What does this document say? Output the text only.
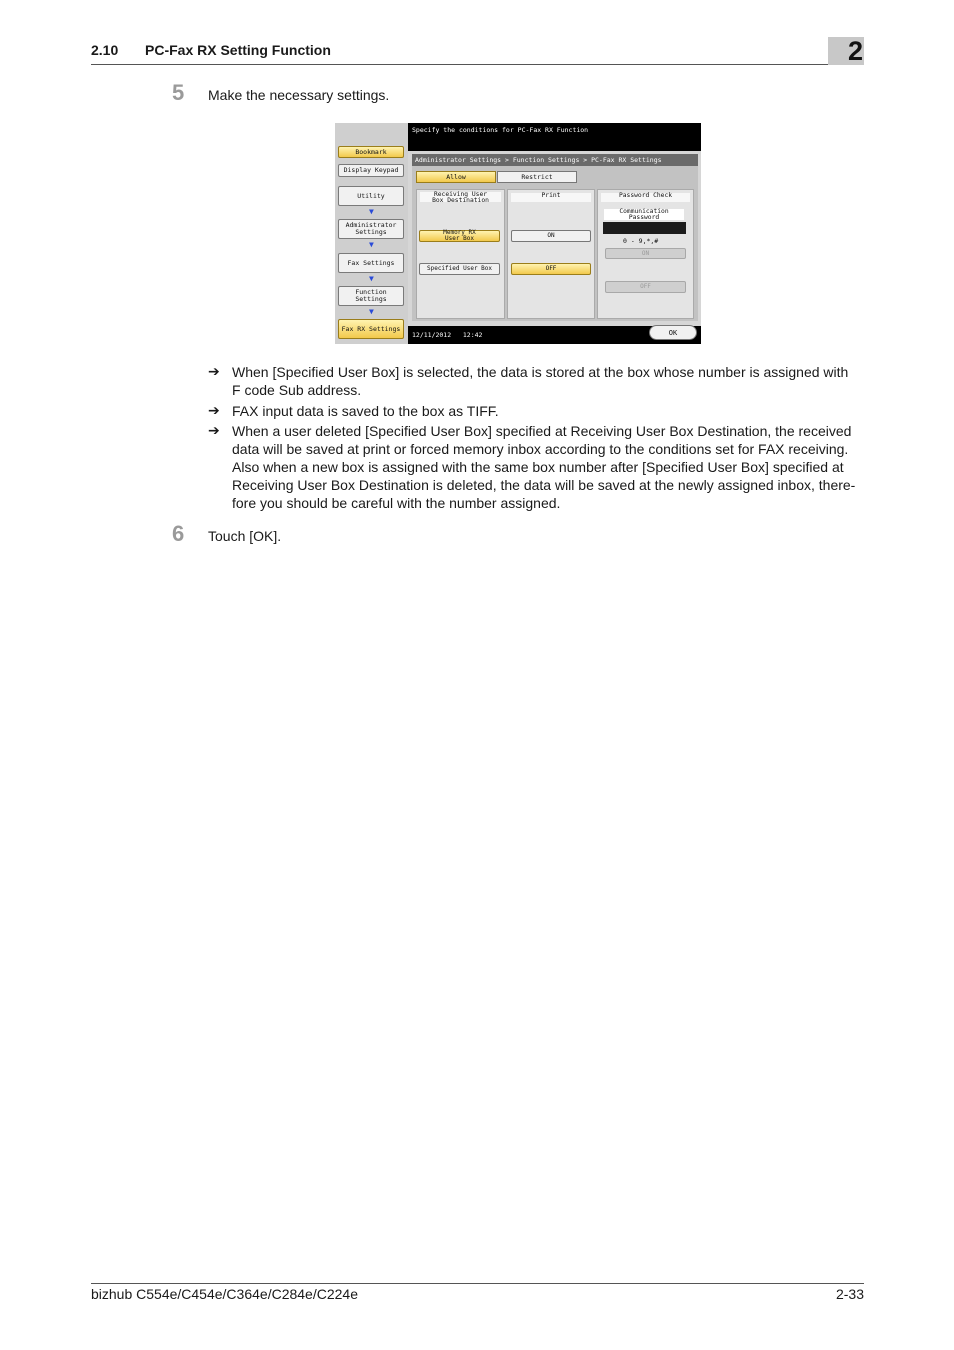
2.10 PC-Fax RX Setting Function	2
5 Make the necessary settings.
Specify the conditions for PC-Fax RX Function
Bookmark
Display Keypad
Utility
▼
Administrator
Settings
▼
Fax Settings
▼
Function
Settings
▼
Fax RX Settings
Administrator Settings > Function Settings > PC-Fax RX Settings
Allow	Restrict
Receiving User
Box Destination
Memory RX
User Box
Specified User Box
Print
ON
OFF
Password Check
Communication
Password
0 - 9,*,#
ON
OFF
12/11/2012   12:42	OK
➔ When [Specified User Box] is selected, the data is stored at the box whose number is assigned with
F code Sub address.
➔ FAX input data is saved to the box as TIFF.
➔ When a user deleted [Specified User Box] specified at Receiving User Box Destination, the received
data will be saved at print or forced memory inbox according to the conditions set for FAX receiving.
Also when a new box is assigned with the same box number after [Specified User Box] specified at
Receiving User Box Destination is deleted, the data will be saved at the newly assigned inbox, there-
fore you should be careful with the number assigned.
6 Touch [OK].
bizhub C554e/C454e/C364e/C284e/C224e	2-33
